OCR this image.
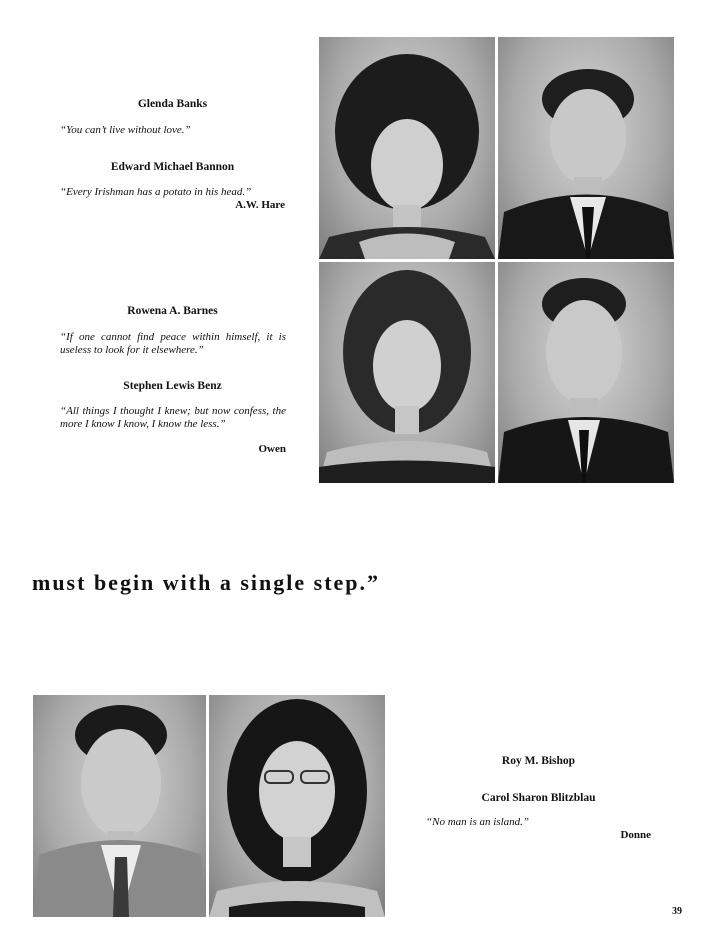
Glenda Banks
“You can’t live without love.”
Edward Michael Bannon
“Every Irishman has a potato in his head.”
A.W. Hare
Rowena A. Barnes
“If one cannot find peace within himself, it is useless to look for it elsewhere.”
Stephen Lewis Benz
“All things I thought I knew; but now confess, the more I know I know, I know the less.”
Owen
must begin with a single step.”
Roy M. Bishop
Carol Sharon Blitzblau
“No man is an island.”
Donne
39
